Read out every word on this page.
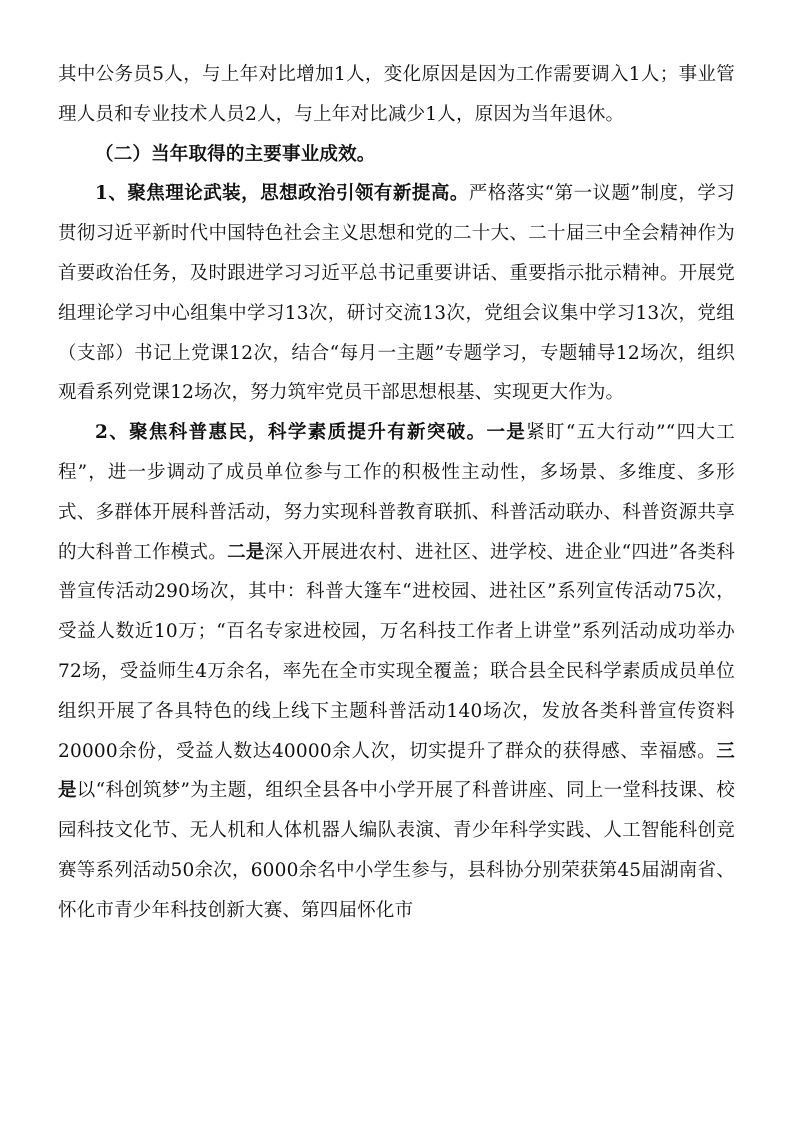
其中公务员5人，与上年对比增加1人，变化原因是因为工作需要调入1人；事业管理人员和专业技术人员2人，与上年对比减少1人，原因为当年退休。

（二）当年取得的主要事业成效。

1、聚焦理论武装，思想政治引领有新提高。严格落实“第一议题”制度，学习贯彻习近平新时代中国特色社会主义思想和党的二十大、二十届三中全会精神作为首要政治任务，及时跟进学习习近平总书记重要讲话、重要指示批示精神。开展党组理论学习中心组集中学习13次，研讨交流13次，党组会议集中学习13次，党组（支部）书记上党课12次，结合“每月一主题”专题学习，专题辅导12场次，组织观看系列党课12场次，努力筑牢党员干部思想根基、实现更大作为。

2、聚焦科普惠民，科学素质提升有新突破。一是紧盯“五大行动”“四大工程”，进一步调动了成员单位参与工作的积极性主动性，多场景、多维度、多形式、多群体开展科普活动，努力实现科普教育联抓、科普活动联办、科普资源共享的大科普工作模式。二是深入开展进农村、进社区、进学校、进企业“四进”各类科普宣传活动290场次，其中：科普大篷车“进校园、进社区”系列宣传活动75次，受益人数近10万；“百名专家进校园，万名科技工作者上讲堂”系列活动成功举办72场，受益师生4万余名，率先在全市实现全覆盖；联合县全民科学素质成员单位组织开展了各具特色的线上线下主题科普活动140场次，发放各类科普宣传资料20000余份，受益人数达40000余人次，切实提升了群众的获得感、幸福感。三是以“科创筑梦”为主题，组织全县各中小学开展了科普讲座、同上一堂科技课、校园科技文化节、无人机和人体机器人编队表演、青少年科学实践、人工智能科创竞赛等系列活动50余次，6000余名中小学生参与，县科协分别荣获第45届湖南省、怀化市青少年科技创新大赛、第四届怀化市
